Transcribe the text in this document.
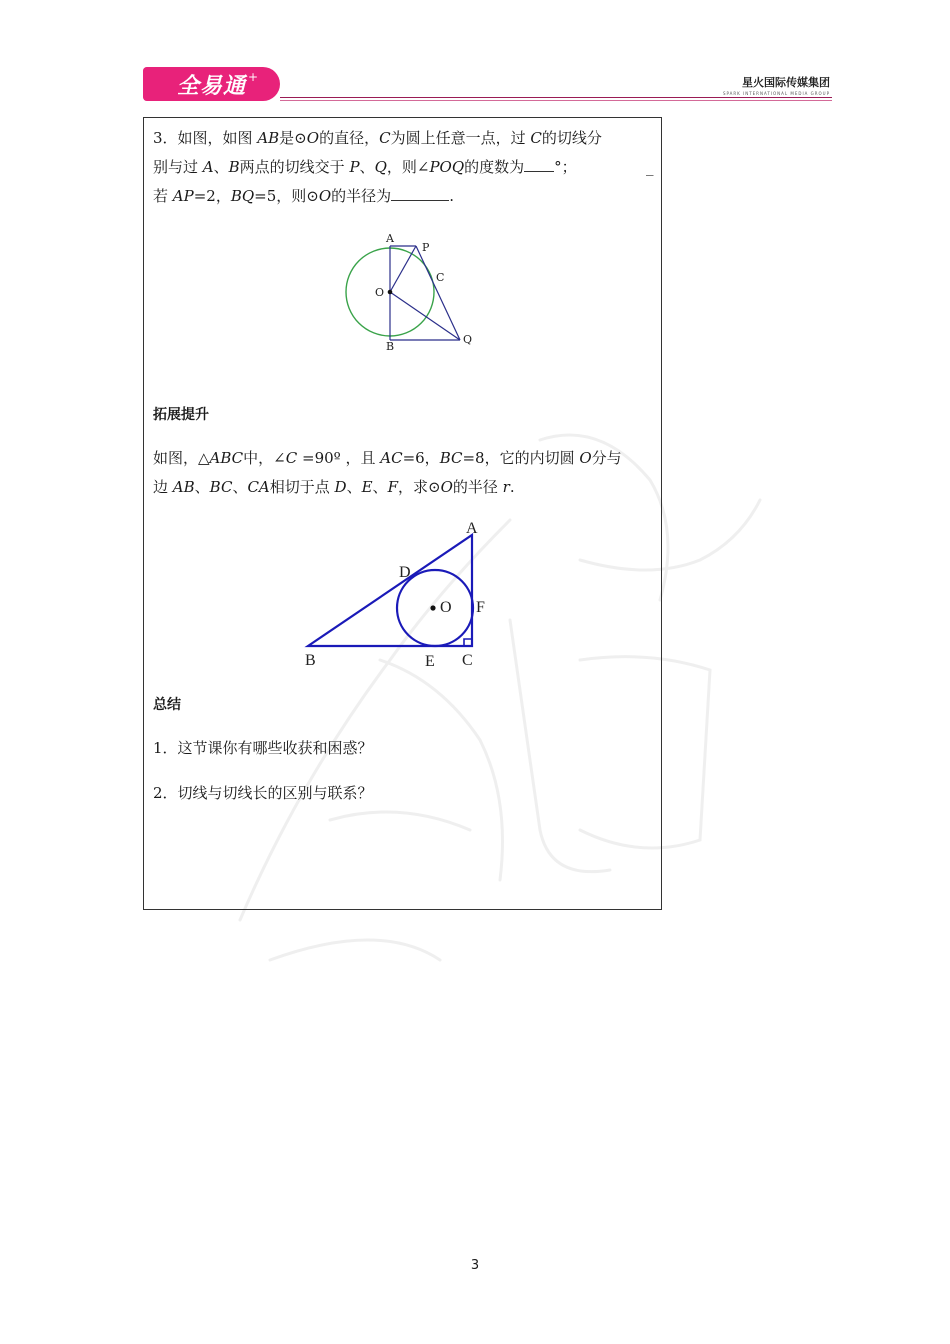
全易通 +	星火国际传媒集团
SPARK INTERNATIONAL MEDIA GROUP

3．如图，如图 AB是⊙O的直径，C为圆上任意一点，过 C的切线分

别与过 A、B两点的切线交于 P、Q，则∠POQ的度数为 °；	_

若 AP=2，BQ=5，则⊙O的半径为	.

A
P
C
O
B
Q

拓展提升

如图，△ABC中，∠C =90º ，且 AC=6，BC=8，它的内切圆 O分与

边 AB、BC、CA相切于点 D、E、F，求⊙O的半径 r.

A
D
O F
B	E C

总结

1．这节课你有哪些收获和困惑？

2．切线与切线长的区别与联系？

3
